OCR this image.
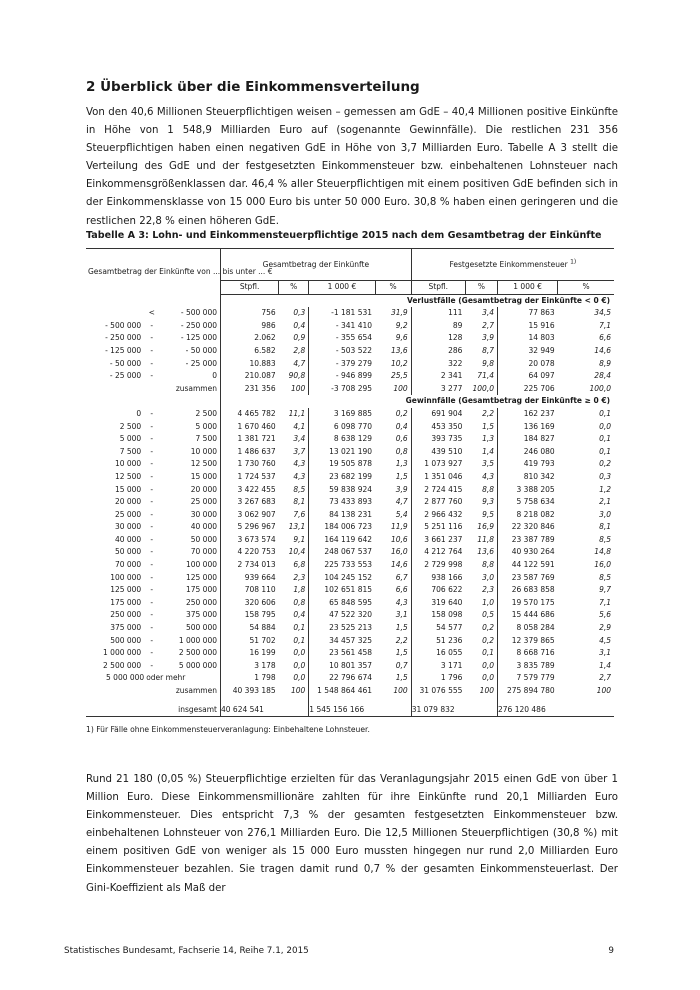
2 Überblick über die Einkommensverteilung
Von den 40,6 Millionen Steuerpflichtigen weisen – gemessen am GdE – 40,4 Millionen positive Einkünfte in Höhe von 1 548,9 Milliarden Euro auf (sogenannte Gewinnfälle). Die restlichen 231 356 Steuerpflichtigen haben einen negativen GdE in Höhe von 3,7 Milliarden Euro. Tabelle A 3 stellt die Verteilung des GdE und der festgesetzten Einkommensteuer bzw. einbehaltenen Lohnsteuer nach Einkommensgrößenklassen dar. 46,4 % aller Steuerpflichtigen mit einem positiven GdE befinden sich in der Einkommensklasse von 15 000 Euro bis unter 50 000 Euro. 30,8 % haben einen geringeren und die restlichen 22,8 % einen höheren GdE.
Tabelle A 3: Lohn- und Einkommensteuerpflichtige 2015 nach dem Gesamtbetrag der Einkünfte
Gesamtbetrag der Einkünfte von ... bis unter ... €			Gesamtbetrag der Einkünfte				Festgesetzte Einkommensteuer $^{1)}$
			Stpfl.	%	1 000 €	%	Stpfl.	%	1 000 €	%
			Verlustfälle (Gesamtbetrag der Einkünfte < 0 €)							
	<	- 500 000	756	0,3	-1 181 531	31,9	111	3,4	77 863	34,5
- 500 000	-	- 250 000	986	0,4	- 341 410	9,2	89	2,7	15 916	7,1
- 250 000	-	- 125 000	2.062	0,9	- 355 654	9,6	128	3,9	14 803	6,6
- 125 000	-	- 50 000	6.582	2,8	- 503 522	13,6	286	8,7	32 949	14,6
- 50 000	-	- 25 000	10.883	4,7	- 379 279	10,2	322	9,8	20 078	8,9
- 25 000	-	0	210.087	90,8	- 946 899	25,5	2 341	71,4	64 097	28,4
zusammen			231 356	100	-3 708 295	100	3 277	100,0	225 706	100,0
			Gewinnfälle (Gesamtbetrag der Einkünfte ≥ 0 €)							
0	-	2 500	4 465 782	11,1	3 169 885	0,2	691 904	2,2	162 237	0,1
2 500	-	5 000	1 670 460	4,1	6 098 770	0,4	453 350	1,5	136 169	0,0
5 000	-	7 500	1 381 721	3,4	8 638 129	0,6	393 735	1,3	184 827	0,1
7 500	-	10 000	1 486 637	3,7	13 021 190	0,8	439 510	1,4	246 080	0,1
10 000	-	12 500	1 730 760	4,3	19 505 878	1,3	1 073 927	3,5	419 793	0,2
12 500	-	15 000	1 724 537	4,3	23 682 199	1,5	1 351 046	4,3	810 342	0,3
15 000	-	20 000	3 422 455	8,5	59 838 924	3,9	2 724 415	8,8	3 388 205	1,2
20 000	-	25 000	3 267 683	8,1	73 433 893	4,7	2 877 760	9,3	5 758 634	2,1
25 000	-	30 000	3 062 907	7,6	84 138 231	5,4	2 966 432	9,5	8 218 082	3,0
30 000	-	40 000	5 296 967	13,1	184 006 723	11,9	5 251 116	16,9	22 320 846	8,1
40 000	-	50 000	3 673 574	9,1	164 119 642	10,6	3 661 237	11,8	23 387 789	8,5
50 000	-	70 000	4 220 753	10,4	248 067 537	16,0	4 212 764	13,6	40 930 264	14,8
70 000	-	100 000	2 734 013	6,8	225 733 553	14,6	2 729 998	8,8	44 122 591	16,0
100 000	-	125 000	939 664	2,3	104 245 152	6,7	938 166	3,0	23 587 769	8,5
125 000	-	175 000	708 110	1,8	102 651 815	6,6	706 622	2,3	26 683 858	9,7
175 000	-	250 000	320 606	0,8	65 848 595	4,3	319 640	1,0	19 570 175	7,1
250 000	-	375 000	158 795	0,4	47 522 320	3,1	158 098	0,5	15 444 686	5,6
375 000	-	500 000	54 884	0,1	23 525 213	1,5	54 577	0,2	8 058 284	2,9
500 000	-	1 000 000	51 702	0,1	34 457 325	2,2	51 236	0,2	12 379 865	4,5
1 000 000	-	2 500 000	16 199	0,0	23 561 458	1,5	16 055	0,1	8 668 716	3,1
2 500 000	-	5 000 000	3 178	0,0	10 801 357	0,7	3 171	0,0	3 835 789	1,4
5 000 000	oder mehr		1 798	0,0	22 796 674	1,5	1 796	0,0	7 579 779	2,7
zusammen			40 393 185	100	1 548 864 461	100	31 076 555	100	275 894 780	100

insgesamt			40 624 541		1 545 156 166		31 079 832		276 120 486	
1) Für Fälle ohne Einkommensteuerveranlagung: Einbehaltene Lohnsteuer.
Rund 21 180 (0,05 %) Steuerpflichtige erzielten für das Veranlagungsjahr 2015 einen GdE von über 1 Million Euro. Diese Einkommensmillionäre zahlten für ihre Einkünfte rund 20,1 Milliarden Euro Einkommensteuer. Dies entspricht 7,3 % der gesamten festgesetzten Einkommensteuer bzw. einbehaltenen Lohnsteuer von 276,1 Milliarden Euro. Die 12,5 Millionen Steuerpflichtigen (30,8 %) mit einem positiven GdE von weniger als 15 000 Euro mussten hingegen nur rund 2,0 Milliarden Euro Einkommensteuer bezahlen. Sie tragen damit rund 0,7 % der gesamten Einkommensteuerlast. Der Gini-Koeffizient als Maß der
Statistisches Bundesamt, Fachserie 14, Reihe 7.1, 2015	9
